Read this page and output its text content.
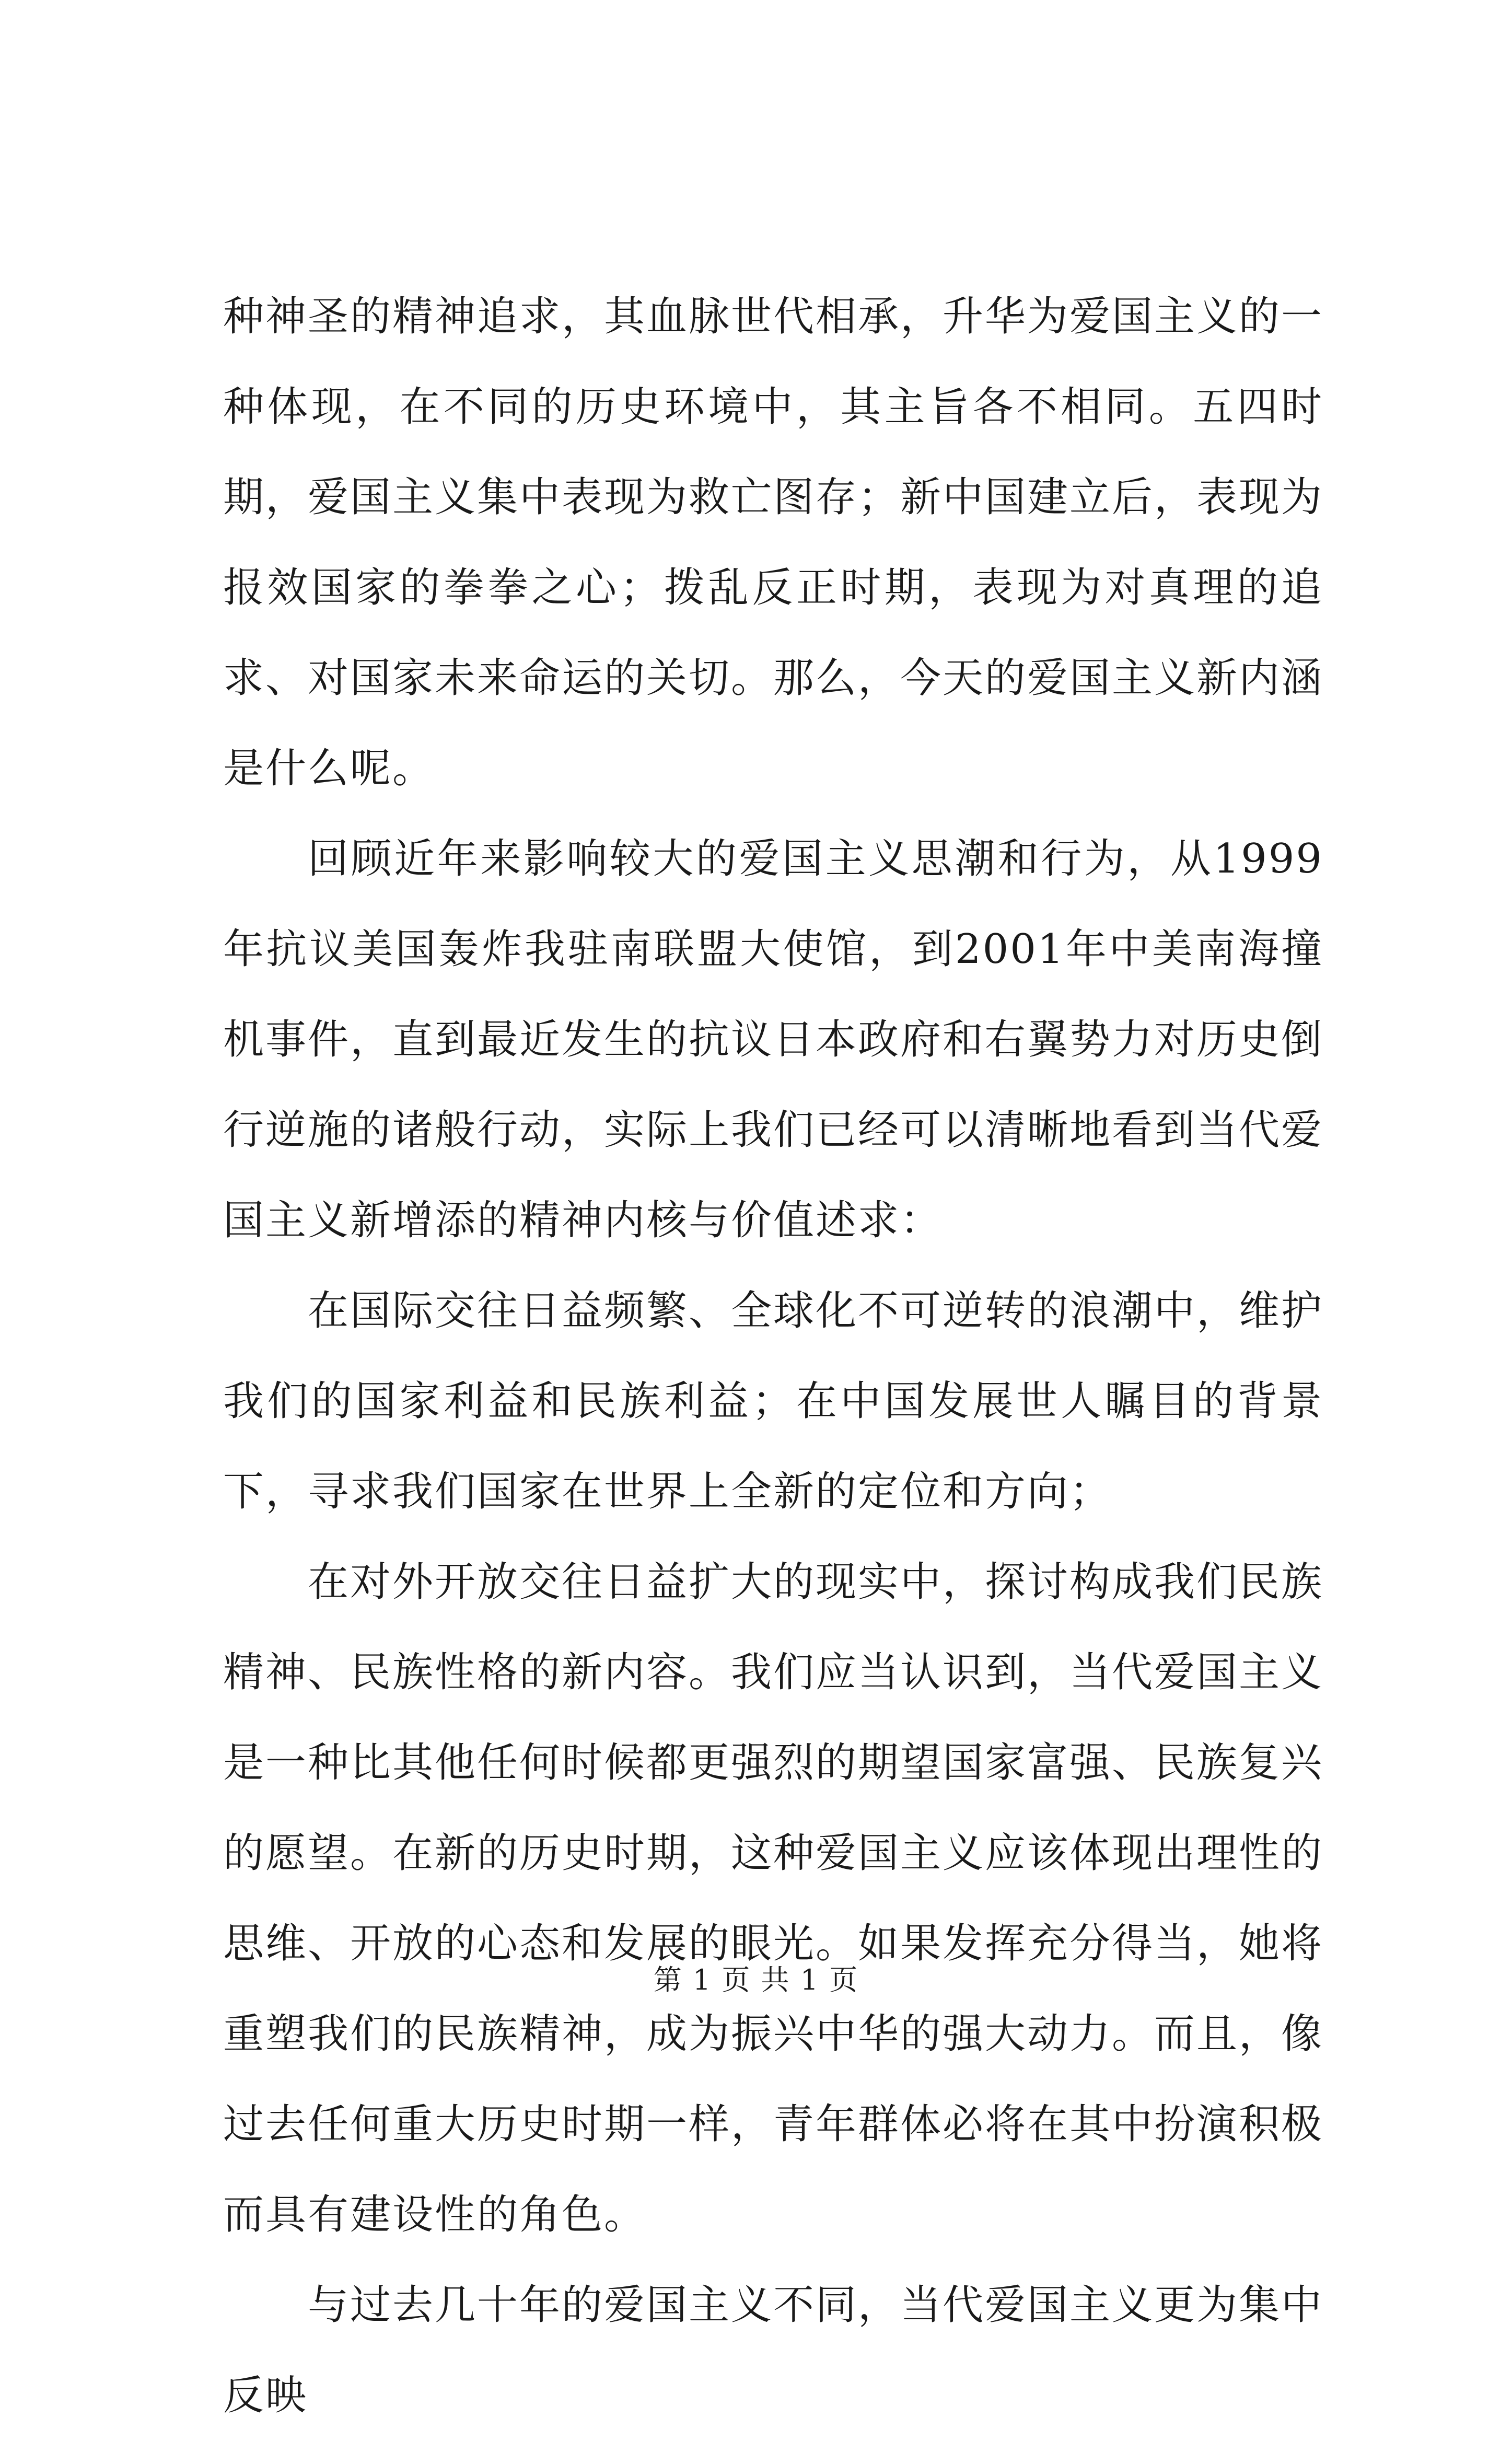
种神圣的精神追求，其血脉世代相承，升华为爱国主义的一种体现，在不同的历史环境中，其主旨各不相同。五四时期，爱国主义集中表现为救亡图存；新中国建立后，表现为报效国家的拳拳之心；拨乱反正时期，表现为对真理的追求、对国家未来命运的关切。那么，今天的爱国主义新内涵是什么呢。

回顾近年来影响较大的爱国主义思潮和行为，从1999年抗议美国轰炸我驻南联盟大使馆，到2001年中美南海撞机事件，直到最近发生的抗议日本政府和右翼势力对历史倒行逆施的诸般行动，实际上我们已经可以清晰地看到当代爱国主义新增添的精神内核与价值述求：

在国际交往日益频繁、全球化不可逆转的浪潮中，维护我们的国家利益和民族利益；在中国发展世人瞩目的背景下，寻求我们国家在世界上全新的定位和方向；

在对外开放交往日益扩大的现实中，探讨构成我们民族精神、民族性格的新内容。我们应当认识到，当代爱国主义是一种比其他任何时候都更强烈的期望国家富强、民族复兴的愿望。在新的历史时期，这种爱国主义应该体现出理性的思维、开放的心态和发展的眼光。如果发挥充分得当，她将重塑我们的民族精神，成为振兴中华的强大动力。而且，像过去任何重大历史时期一样，青年群体必将在其中扮演积极而具有建设性的角色。

与过去几十年的爱国主义不同，当代爱国主义更为集中反映

第 1 页 共 1 页
